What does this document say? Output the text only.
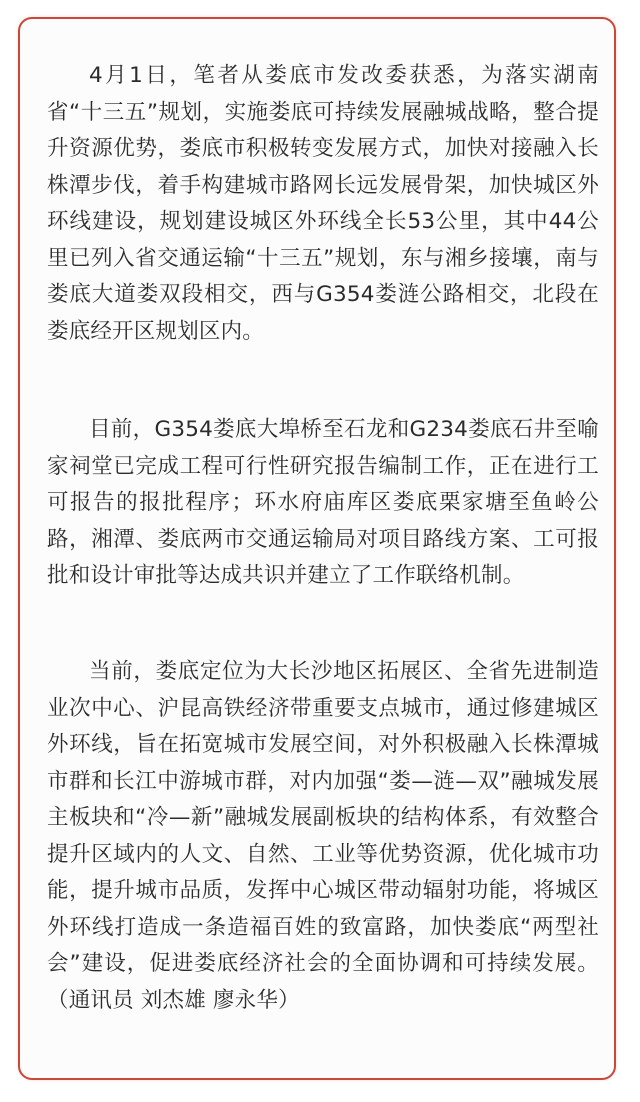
4月1日，笔者从娄底市发改委获悉，为落实湖南省“十三五”规划，实施娄底可持续发展融城战略，整合提升资源优势，娄底市积极转变发展方式，加快对接融入长株潭步伐，着手构建城市路网长远发展骨架，加快城区外环线建设，规划建设城区外环线全长53公里，其中44公里已列入省交通运输“十三五”规划，东与湘乡接壤，南与娄底大道娄双段相交，西与G354娄涟公路相交，北段在娄底经开区规划区内。

目前，G354娄底大埠桥至石龙和G234娄底石井至喻家祠堂已完成工程可行性研究报告编制工作，正在进行工可报告的报批程序；环水府庙库区娄底栗家塘至鱼岭公路，湘潭、娄底两市交通运输局对项目路线方案、工可报批和设计审批等达成共识并建立了工作联络机制。

当前，娄底定位为大长沙地区拓展区、全省先进制造业次中心、沪昆高铁经济带重要支点城市，通过修建城区外环线，旨在拓宽城市发展空间，对外积极融入长株潭城市群和长江中游城市群，对内加强“娄—涟—双”融城发展主板块和“冷—新”融城发展副板块的结构体系，有效整合提升区域内的人文、自然、工业等优势资源，优化城市功能，提升城市品质，发挥中心城区带动辐射功能，将城区外环线打造成一条造福百姓的致富路，加快娄底“两型社会”建设，促进娄底经济社会的全面协调和可持续发展。（通讯员 刘杰雄 廖永华）
